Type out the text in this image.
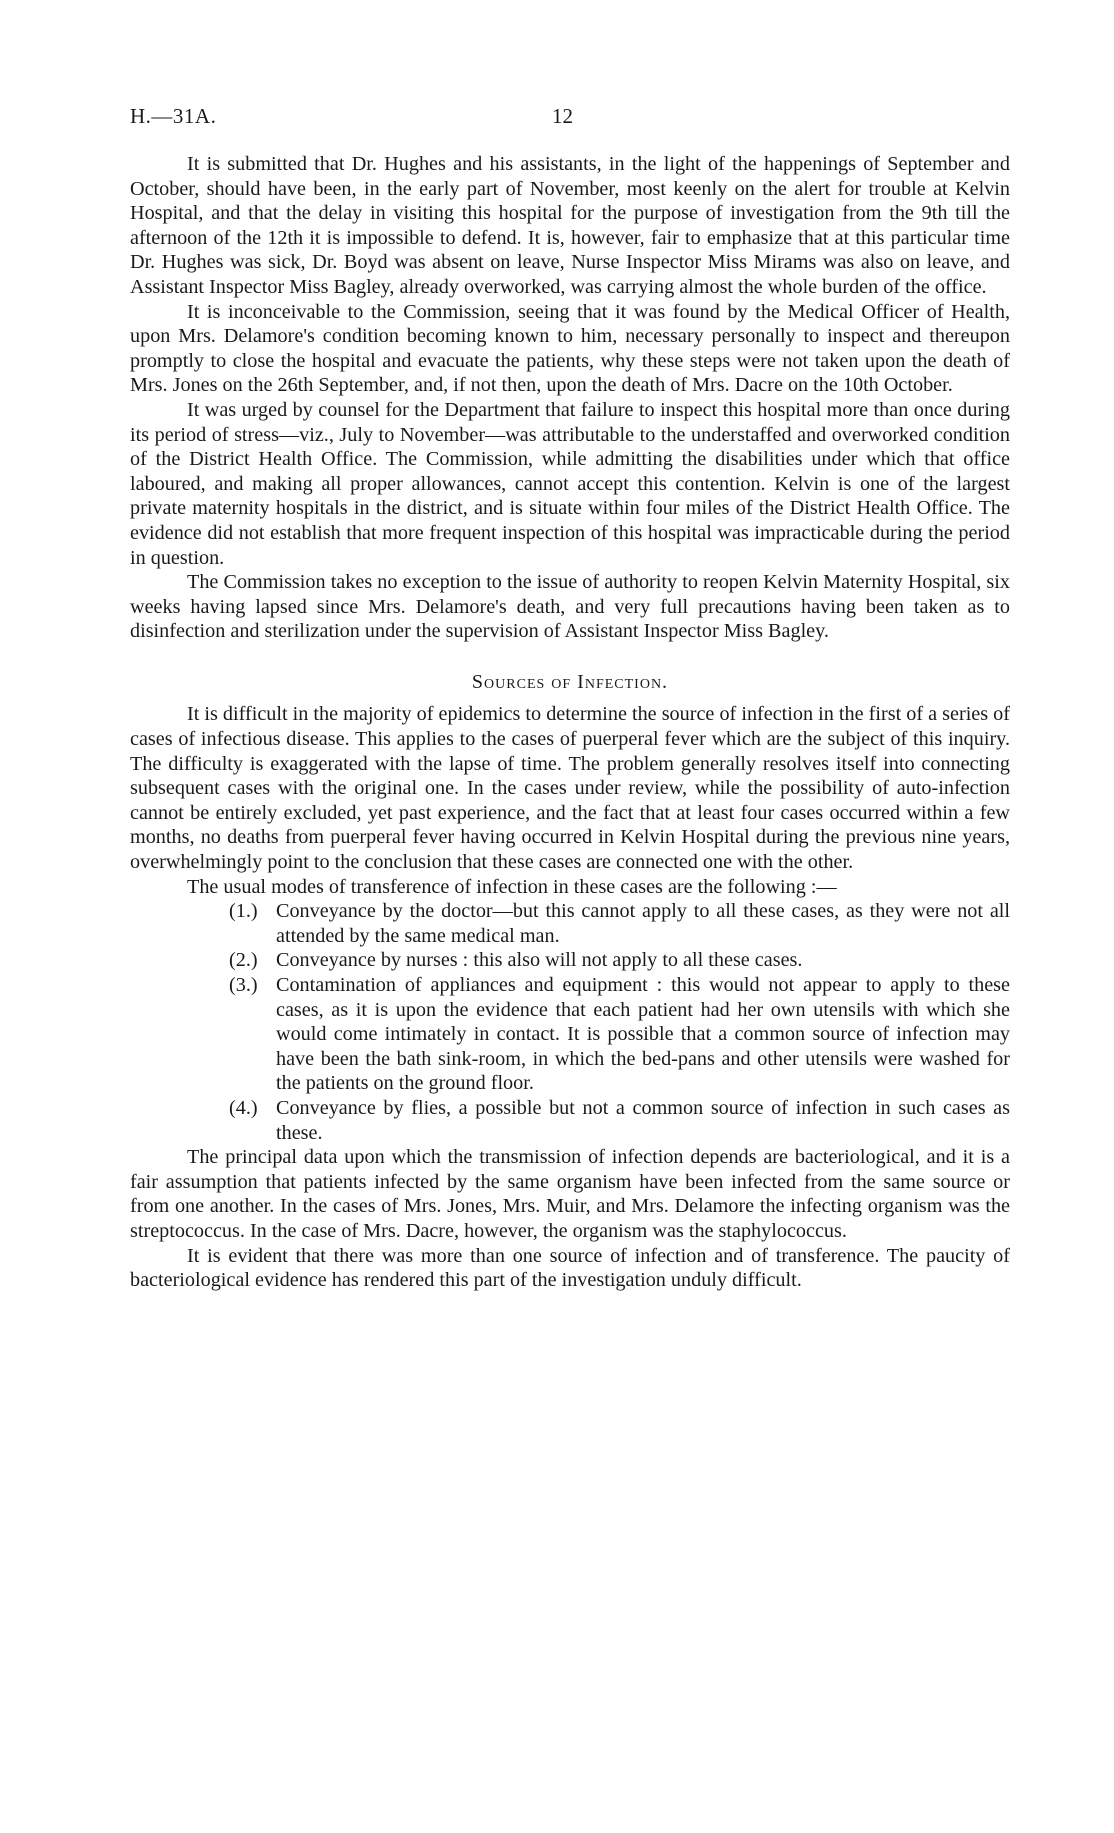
H.—31A.	12

It is submitted that Dr. Hughes and his assistants, in the light of the happenings of September and October, should have been, in the early part of November, most keenly on the alert for trouble at Kelvin Hospital, and that the delay in visiting this hospital for the purpose of investigation from the 9th till the afternoon of the 12th it is impossible to defend. It is, however, fair to emphasize that at this particular time Dr. Hughes was sick, Dr. Boyd was absent on leave, Nurse Inspector Miss Mirams was also on leave, and Assistant Inspector Miss Bagley, already overworked, was carrying almost the whole burden of the office.

It is inconceivable to the Commission, seeing that it was found by the Medical Officer of Health, upon Mrs. Delamore's condition becoming known to him, necessary personally to inspect and thereupon promptly to close the hospital and evacuate the patients, why these steps were not taken upon the death of Mrs. Jones on the 26th September, and, if not then, upon the death of Mrs. Dacre on the 10th October.

It was urged by counsel for the Department that failure to inspect this hospital more than once during its period of stress—viz., July to November—was attributable to the understaffed and overworked condition of the District Health Office. The Commission, while admitting the disabilities under which that office laboured, and making all proper allowances, cannot accept this contention. Kelvin is one of the largest private maternity hospitals in the district, and is situate within four miles of the District Health Office. The evidence did not establish that more frequent inspection of this hospital was impracticable during the period in question.

The Commission takes no exception to the issue of authority to reopen Kelvin Maternity Hospital, six weeks having lapsed since Mrs. Delamore's death, and very full precautions having been taken as to disinfection and sterilization under the supervision of Assistant Inspector Miss Bagley.

Sources of Infection.

It is difficult in the majority of epidemics to determine the source of infection in the first of a series of cases of infectious disease. This applies to the cases of puerperal fever which are the subject of this inquiry. The difficulty is exaggerated with the lapse of time. The problem generally resolves itself into connecting subsequent cases with the original one. In the cases under review, while the possibility of auto-infection cannot be entirely excluded, yet past experience, and the fact that at least four cases occurred within a few months, no deaths from puerperal fever having occurred in Kelvin Hospital during the previous nine years, overwhelmingly point to the conclusion that these cases are connected one with the other.

The usual modes of transference of infection in these cases are the following :—

(1.) Conveyance by the doctor—but this cannot apply to all these cases, as they were not all attended by the same medical man.
(2.) Conveyance by nurses : this also will not apply to all these cases.
(3.) Contamination of appliances and equipment : this would not appear to apply to these cases, as it is upon the evidence that each patient had her own utensils with which she would come intimately in contact. It is possible that a common source of infection may have been the bath sink-room, in which the bed-pans and other utensils were washed for the patients on the ground floor.
(4.) Conveyance by flies, a possible but not a common source of infection in such cases as these.

The principal data upon which the transmission of infection depends are bacteriological, and it is a fair assumption that patients infected by the same organism have been infected from the same source or from one another. In the cases of Mrs. Jones, Mrs. Muir, and Mrs. Delamore the infecting organism was the streptococcus. In the case of Mrs. Dacre, however, the organism was the staphylococcus.

It is evident that there was more than one source of infection and of transference. The paucity of bacteriological evidence has rendered this part of the investigation unduly difficult.
